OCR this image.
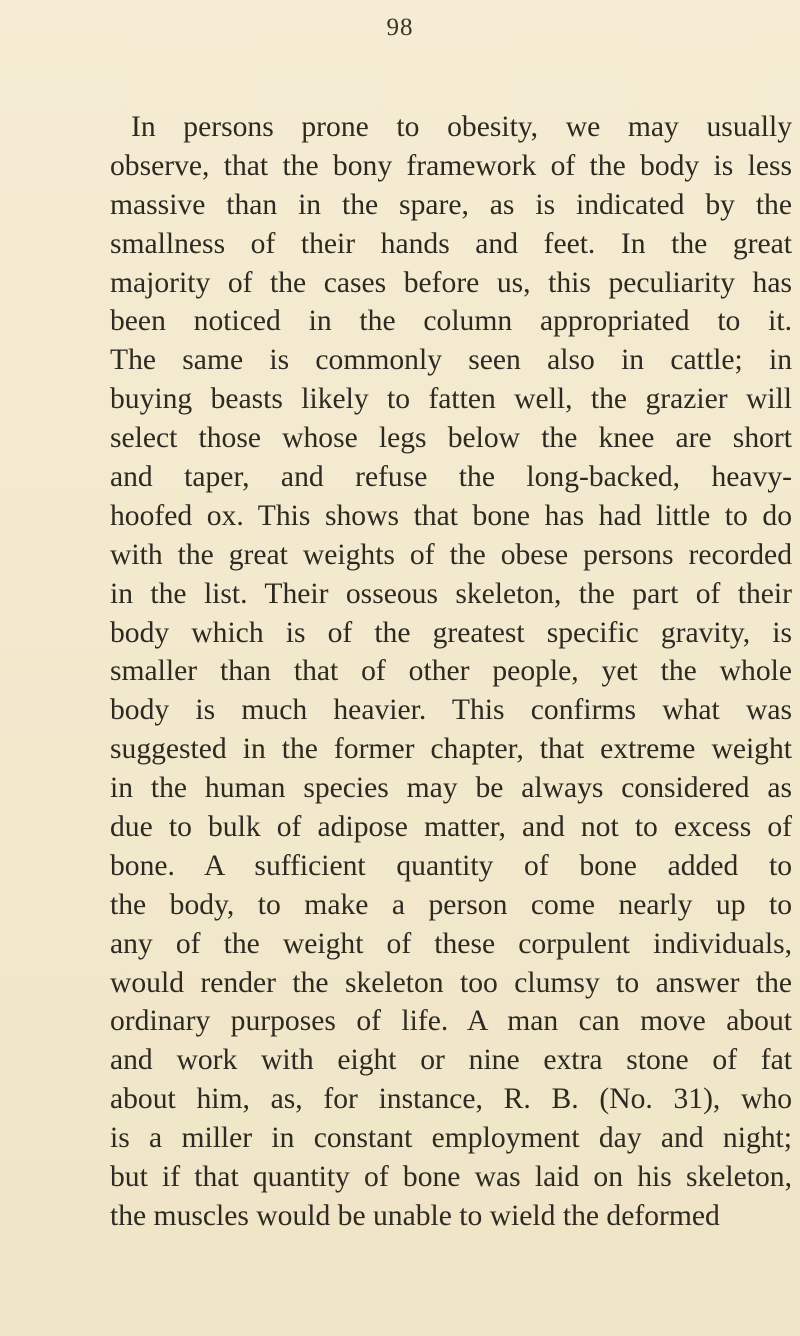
98
In persons prone to obesity, we may usually
observe, that the bony framework of the body is less
massive than in the spare, as is indicated by the
smallness of their hands and feet. In the great
majority of the cases before us, this peculiarity has
been noticed in the column appropriated to it.
The same is commonly seen also in cattle; in
buying beasts likely to fatten well, the grazier will
select those whose legs below the knee are short
and taper, and refuse the long-backed, heavy-
hoofed ox. This shows that bone has had little to do
with the great weights of the obese persons recorded
in the list. Their osseous skeleton, the part of their
body which is of the greatest specific gravity, is
smaller than that of other people, yet the whole
body is much heavier. This confirms what was
suggested in the former chapter, that extreme weight
in the human species may be always considered as
due to bulk of adipose matter, and not to excess of
bone. A sufficient quantity of bone added to
the body, to make a person come nearly up to
any of the weight of these corpulent individuals,
would render the skeleton too clumsy to answer the
ordinary purposes of life. A man can move about
and work with eight or nine extra stone of fat
about him, as, for instance, R. B. (No. 31), who
is a miller in constant employment day and night;
but if that quantity of bone was laid on his skeleton,
the muscles would be unable to wield the deformed
